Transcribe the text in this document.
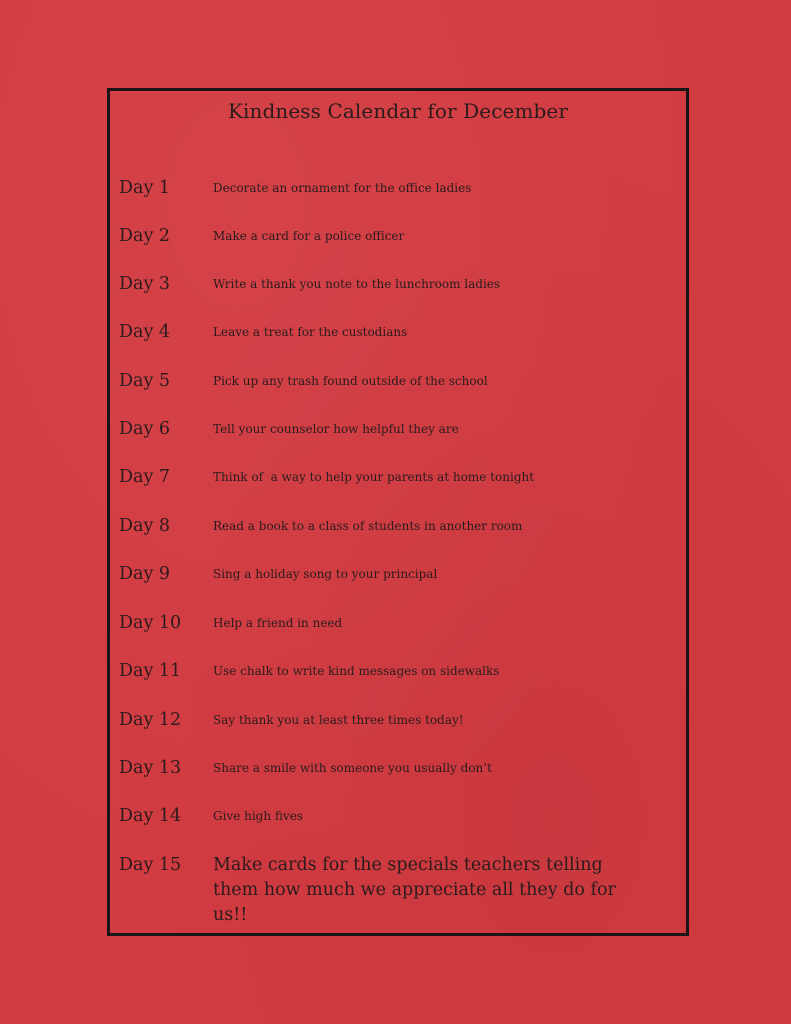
Kindness Calendar for December
Day 1	Decorate an ornament for the office ladies
Day 2	Make a card for a police officer
Day 3	Write a thank you note to the lunchroom ladies
Day 4	Leave a treat for the custodians
Day 5	Pick up any trash found outside of the school
Day 6	Tell your counselor how helpful they are
Day 7	Think of  a way to help your parents at home tonight
Day 8	Read a book to a class of students in another room
Day 9	Sing a holiday song to your principal
Day 10	Help a friend in need
Day 11	Use chalk to write kind messages on sidewalks
Day 12	Say thank you at least three times today!
Day 13	Share a smile with someone you usually don’t
Day 14	Give high fives
Day 15 Make cards for the specials teachers telling them how much we appreciate all they do for us!!
